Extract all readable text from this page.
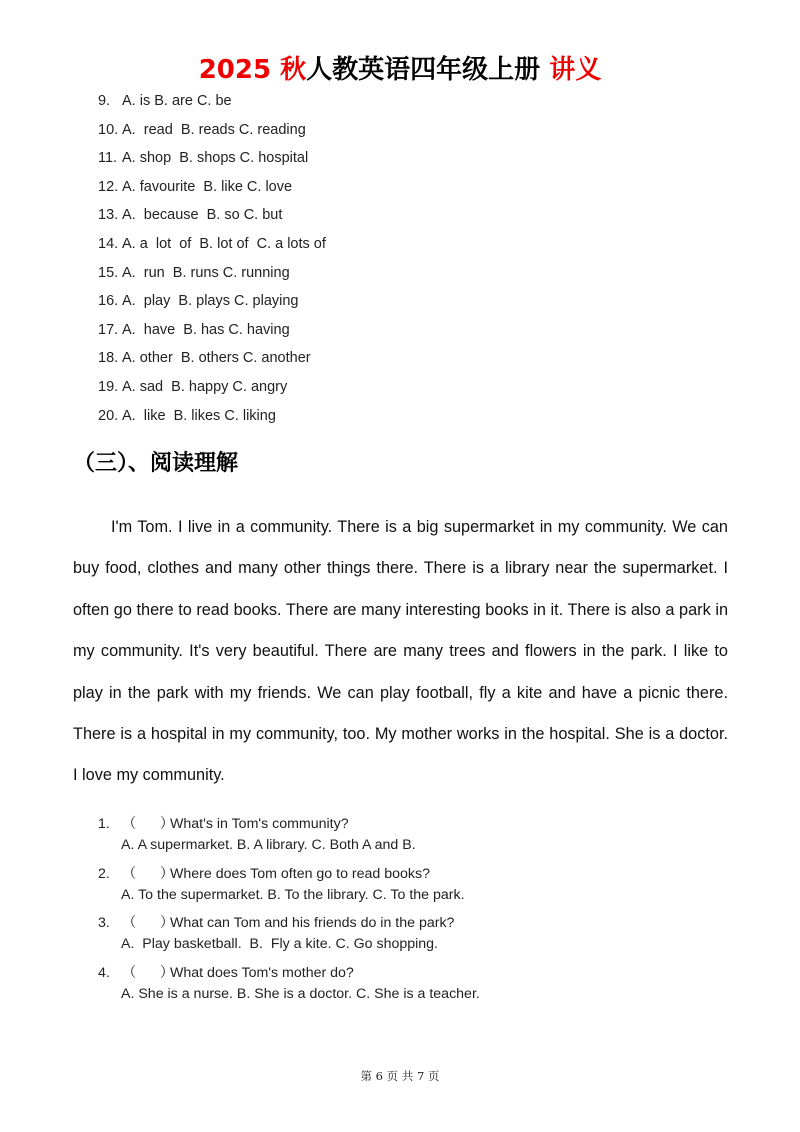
2025 秋人教英语四年级上册 讲义
9. A. is B. are C. be
10. A.  read  B. reads C. reading
11. A. shop  B. shops C. hospital
12. A. favourite  B. like C. love
13. A.  because  B. so C. but
14. A. a  lot  of  B. lot of  C. a lots of
15. A.  run  B. runs C. running
16. A.  play  B. plays C. playing
17. A.  have  B. has C. having
18. A. other  B. others C. another
19. A. sad  B. happy C. angry
20. A.  like  B. likes C. liking
（三）、阅读理解

I'm Tom. I live in a community. There is a big supermarket in my community. We can buy food, clothes and many other things there. There is a library near the supermarket. I often go there to read books. There are many interesting books in it. There is also a park in my community. It's very beautiful. There are many trees and flowers in the park. I like to play in the park with my friends. We can play football, fly a kite and have a picnic there. There is a hospital in my community, too. My mother works in the hospital. She is a doctor. I love my community.

1. （      ）What's in Tom's community?
A. A supermarket. B. A library. C. Both A and B.
2. （      ）Where does Tom often go to read books?
A. To the supermarket. B. To the library. C. To the park.
3. （      ）What can Tom and his friends do in the park?
A.  Play basketball.  B.  Fly a kite. C. Go shopping.
4. （      ）What does Tom's mother do?
A. She is a nurse. B. She is a doctor. C. She is a teacher.
第 6 页 共 7 页
